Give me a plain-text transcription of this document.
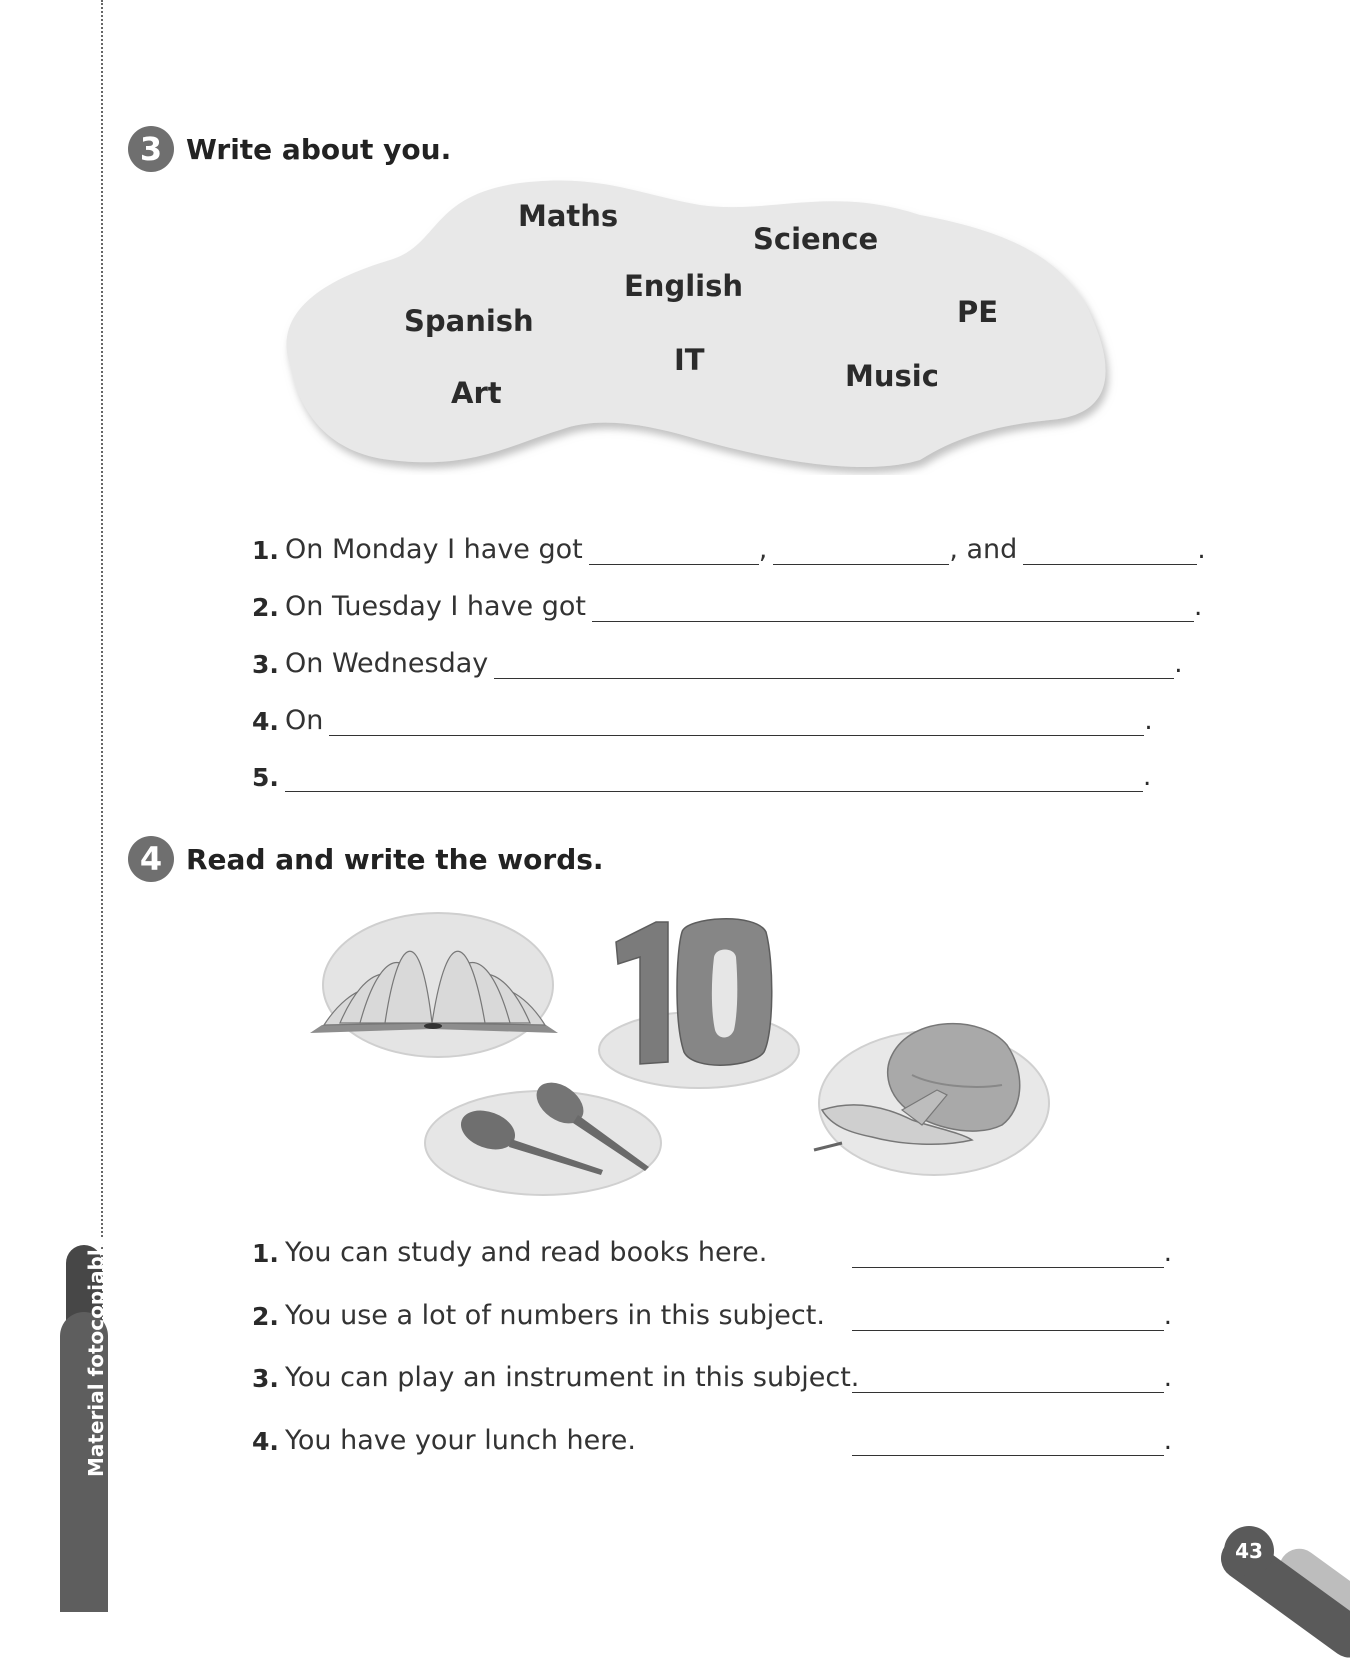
Material fotocopiable
3 Write about you.
Maths
Science
English
Spanish	PE
IT	Music
Art
1. On Monday I have got	,	, and	.
2. On Tuesday I have got	.
3. On Wednesday	.
4. On	.
5.	.
4 Read and write the words.
10
1. You can study and read books here.	.
2. You use a lot of numbers in this subject.	.
3. You can play an instrument in this subject.	.
4. You have your lunch here.	.
43
